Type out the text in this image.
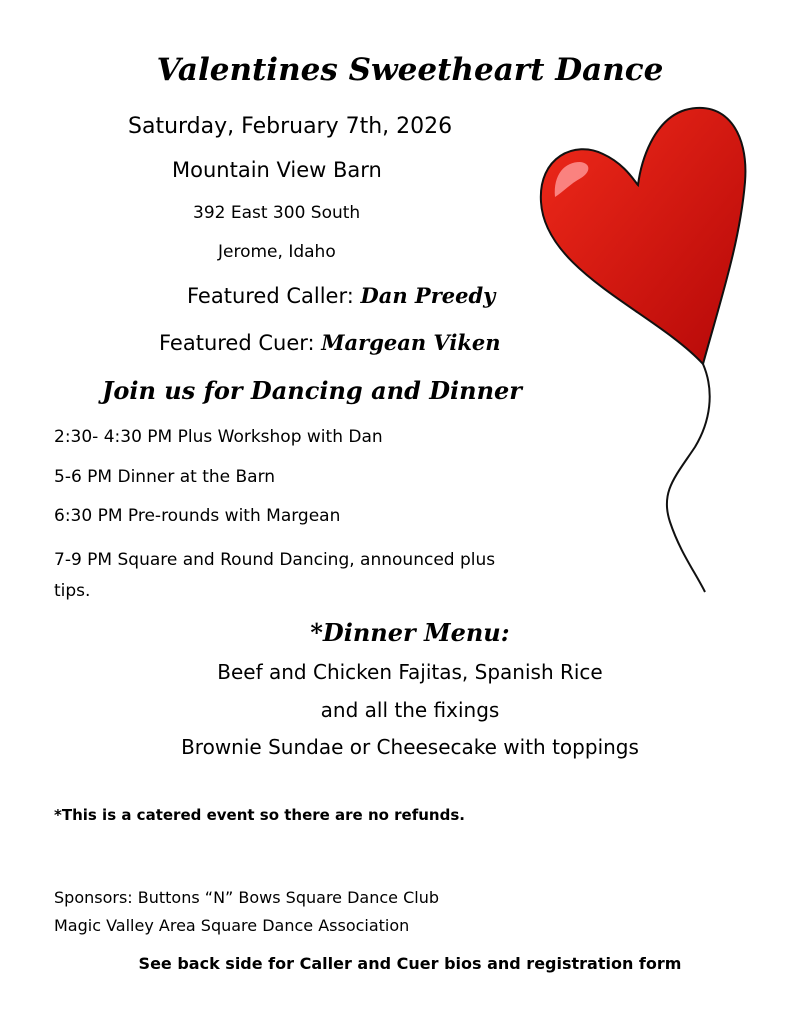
Valentines Sweetheart Dance
Saturday, February 7th, 2026
Mountain View Barn
392 East 300 South
Jerome, Idaho
Featured Caller: Dan Preedy
Featured Cuer: Margean Viken
Join us for Dancing and Dinner
2:30- 4:30 PM Plus Workshop with Dan
5-6 PM Dinner at the Barn
6:30 PM Pre-rounds with Margean
7-9 PM Square and Round Dancing, announced plus tips.
*Dinner Menu:
Beef and Chicken Fajitas, Spanish Rice
and all the fixings
Brownie Sundae or Cheesecake with toppings
*This is a catered event so there are no refunds.
Sponsors: Buttons “N” Bows Square Dance Club
Magic Valley Area Square Dance Association
See back side for Caller and Cuer bios and registration form
